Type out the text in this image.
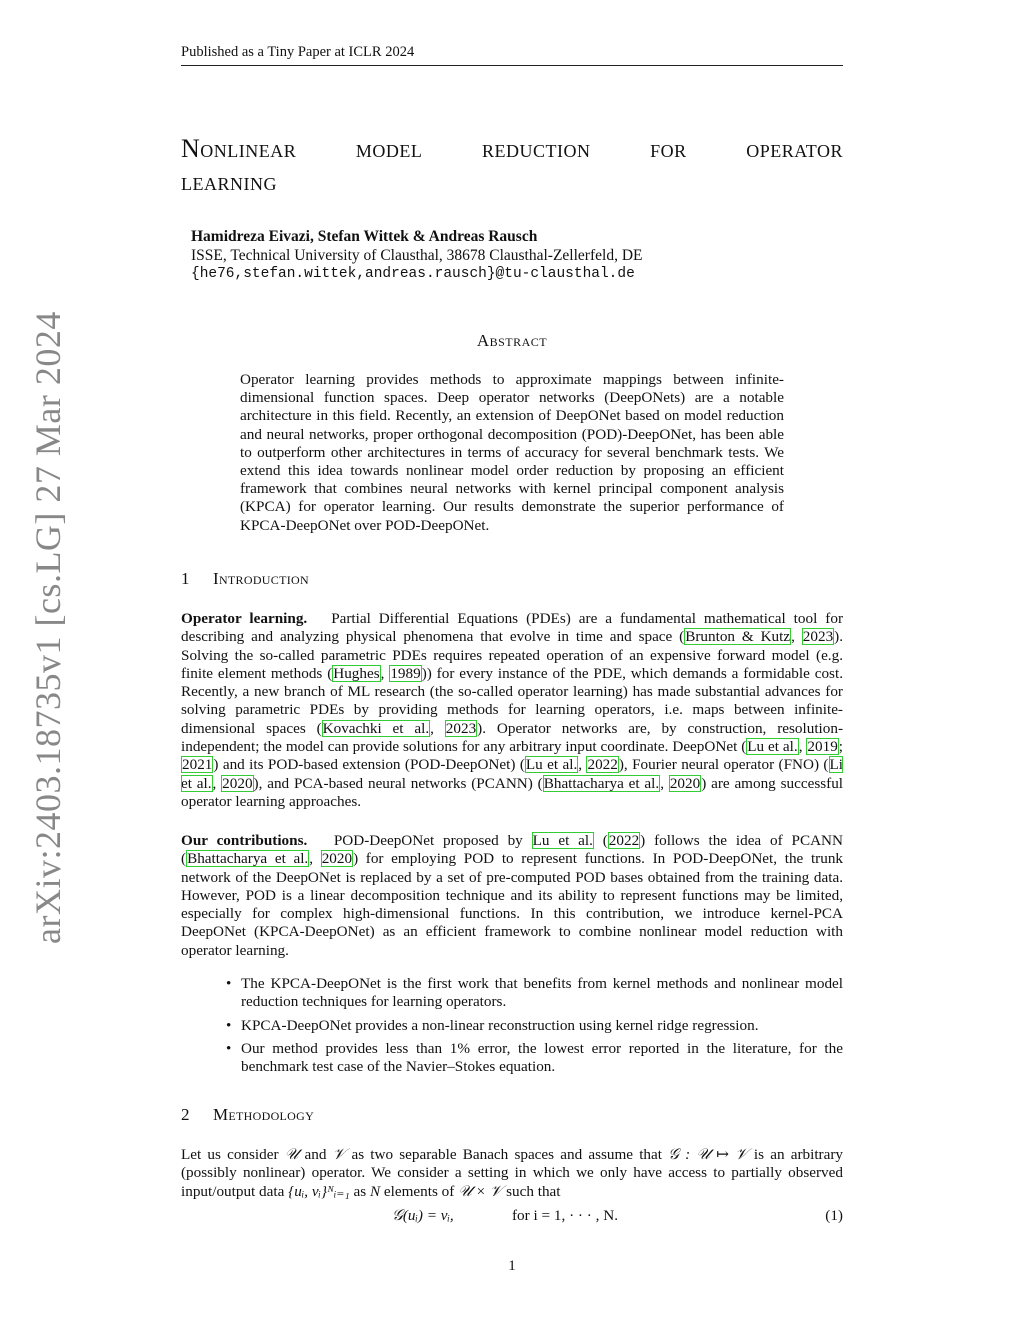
arXiv:2403.18735v1 [cs.LG] 27 Mar 2024
Published as a Tiny Paper at ICLR 2024
Nonlinear model reduction for operator
learning
Hamidreza Eivazi, Stefan Wittek & Andreas Rausch
ISSE, Technical University of Clausthal, 38678 Clausthal-Zellerfeld, DE
{he76,stefan.wittek,andreas.rausch}@tu-clausthal.de
Abstract
Operator learning provides methods to approximate mappings between infinite-dimensional function spaces. Deep operator networks (DeepONets) are a notable architecture in this field. Recently, an extension of DeepONet based on model reduction and neural networks, proper orthogonal decomposition (POD)-DeepONet, has been able to outperform other architectures in terms of accuracy for several benchmark tests. We extend this idea towards nonlinear model order reduction by proposing an efficient framework that combines neural networks with kernel principal component analysis (KPCA) for operator learning. Our results demonstrate the superior performance of KPCA-DeepONet over POD-DeepONet.
1 Introduction
Operator learning. Partial Differential Equations (PDEs) are a fundamental mathematical tool for describing and analyzing physical phenomena that evolve in time and space (Brunton & Kutz, 2023). Solving the so-called parametric PDEs requires repeated operation of an expensive forward model (e.g. finite element methods (Hughes, 1989)) for every instance of the PDE, which demands a formidable cost. Recently, a new branch of ML research (the so-called operator learning) has made substantial advances for solving parametric PDEs by providing methods for learning operators, i.e. maps between infinite-dimensional spaces (Kovachki et al., 2023). Operator networks are, by construction, resolution-independent; the model can provide solutions for any arbitrary input coordinate. DeepONet (Lu et al., 2019; 2021) and its POD-based extension (POD-DeepONet) (Lu et al., 2022), Fourier neural operator (FNO) (Li et al., 2020), and PCA-based neural networks (PCANN) (Bhattacharya et al., 2020) are among successful operator learning approaches.
Our contributions. POD-DeepONet proposed by Lu et al. (2022) follows the idea of PCANN (Bhattacharya et al., 2020) for employing POD to represent functions. In POD-DeepONet, the trunk network of the DeepONet is replaced by a set of pre-computed POD bases obtained from the training data. However, POD is a linear decomposition technique and its ability to represent functions may be limited, especially for complex high-dimensional functions. In this contribution, we introduce kernel-PCA DeepONet (KPCA-DeepONet) as an efficient framework to combine nonlinear model reduction with operator learning.
• The KPCA-DeepONet is the first work that benefits from kernel methods and nonlinear model reduction techniques for learning operators.
• KPCA-DeepONet provides a non-linear reconstruction using kernel ridge regression.
• Our method provides less than 1% error, the lowest error reported in the literature, for the benchmark test case of the Navier–Stokes equation.
2 Methodology
Let us consider 𝒰 and 𝒱 as two separable Banach spaces and assume that 𝒢 : 𝒰 ↦ 𝒱 is an arbitrary (possibly nonlinear) operator. We consider a setting in which we only have access to partially observed input/output data {uᵢ, vᵢ}ᴺᵢ₌₁ as N elements of 𝒰 × 𝒱 such that
𝒢(uᵢ) = vᵢ,	for i = 1, · · · , N.	(1)
1
